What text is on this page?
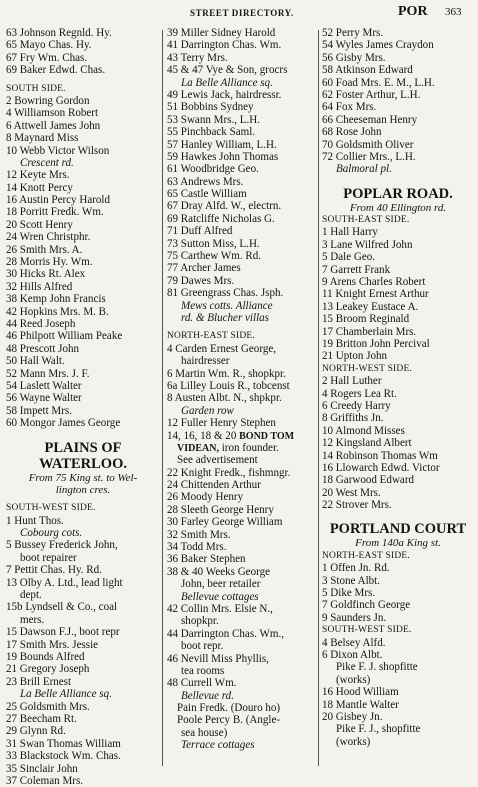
STREET DIRECTORY.	POR 363
63 Johnson Regnld. Hy.
65 Mayo Chas. Hy.
67 Fry Wm. Chas.
69 Baker Edwd. Chas.
SOUTH SIDE.
2 Bowring Gordon
4 Williamson Robert
6 Attwell James John
8 Maynard Miss
10 Webb Victor Wilson
Crescent rd.
12 Keyte Mrs.
14 Knott Percy
16 Austin Percy Harold
18 Porritt Fredk. Wm.
20 Scott Henry
24 Wren Christphr.
26 Smith Mrs. A.
28 Morris Hy. Wm.
30 Hicks Rt. Alex
32 Hills Alfred
38 Kemp John Francis
42 Hopkins Mrs. M. B.
44 Reed Joseph
46 Philpott William Peake
48 Prescott John
50 Hall Walt.
52 Mann Mrs. J. F.
54 Laslett Walter
56 Wayne Walter
58 Impett Mrs.
60 Mongor James George
PLAINS OF
WATERLOO.
From 75 King st. to Wel-
lington cres.
SOUTH-WEST SIDE.
1 Hunt Thos.
Cobourg cots.
5 Bussey Frederick John,
boot repairer
7 Pettit Chas. Hy. Rd.
13 Olby A. Ltd., lead light
dept.
15b Lyndsell & Co., coal
mers.
15 Dawson F.J., boot repr
17 Smith Mrs. Jessie
19 Bounds Alfred
21 Gregory Joseph
23 Brill Ernest
La Belle Alliance sq.
25 Goldsmith Mrs.
27 Beecham Rt.
29 Glynn Rd.
31 Swan Thomas William
33 Blackstock Wm. Chas.
35 Sinclair John
37 Coleman Mrs.
39 Miller Sidney Harold
41 Darrington Chas. Wm.
43 Terry Mrs.
45 & 47 Vye & Son, grocrs
La Belle Alliance sq.
49 Lewis Jack, hairdressr.
51 Bobbins Sydney
53 Swann Mrs., L.H.
55 Pinchback Saml.
57 Hanley William, L.H.
59 Hawkes John Thomas
61 Woodbridge Geo.
63 Andrews Mrs.
65 Castle William
67 Dray Alfd. W., electrn.
69 Ratcliffe Nicholas G.
71 Duff Alfred
73 Sutton Miss, L.H.
75 Carthew Wm. Rd.
77 Archer James
79 Dawes Mrs.
81 Greengrass Chas. Jsph.
Mews cotts. Alliance
rd. & Blucher villas
NORTH-EAST SIDE.
4 Carden Ernest George,
hairdresser
6 Martin Wm. R., shopkpr.
6a Lilley Louis R., tobcenst
8 Austen Albt. N., shpkpr.
Garden row
12 Fuller Henry Stephen
14, 16, 18 & 20 BOND TOM
VIDEAN, iron founder.
See advertisement
22 Knight Fredk., fishmngr.
24 Chittenden Arthur
26 Moody Henry
28 Sleeth George Henry
30 Farley George William
32 Smith Mrs.
34 Todd Mrs.
36 Baker Stephen
38 & 40 Weeks George
John, beer retailer
Bellevue cottages
42 Collin Mrs. Elsie N.,
shopkpr.
44 Darrington Chas. Wm.,
boot repr.
46 Nevill Miss Phyllis,
tea rooms
48 Currell Wm.
Bellevue rd.
Pain Fredk. (Douro ho)
Poole Percy B. (Angle-
sea house)
Terrace cottages
52 Perry Mrs.
54 Wyles James Craydon
56 Gisby Mrs.
58 Atkinson Edward
60 Foad Mrs. E. M., L.H.
62 Foster Arthur, L.H.
64 Fox Mrs.
66 Cheeseman Henry
68 Rose John
70 Goldsmith Oliver
72 Collier Mrs., L.H.
Balmoral pl.
POPLAR ROAD.
From 40 Ellington rd.
SOUTH-EAST SIDE.
1 Hall Harry
3 Lane Wilfred John
5 Dale Geo.
7 Garrett Frank
9 Arens Charles Robert
11 Knight Ernest Arthur
13 Leakey Eustace A.
15 Broom Reginald
17 Chamberlain Mrs.
19 Britton John Percival
21 Upton John
NORTH-WEST SIDE.
2 Hall Luther
4 Rogers Lea Rt.
6 Creedy Harry
8 Griffiths Jn.
10 Almond Misses
12 Kingsland Albert
14 Robinson Thomas Wm
16 Llowarch Edwd. Victor
18 Garwood Edward
20 West Mrs.
22 Strover Mrs.
PORTLAND COURT
From 140a King st.
NORTH-EAST SIDE.
1 Offen Jn. Rd.
3 Stone Albt.
5 Dike Mrs.
7 Goldfinch George
9 Saunders Jn.
SOUTH-WEST SIDE.
4 Belsey Alfd.
6 Dixon Albt.
Pike F. J. shopfitte
(works)
16 Hood William
18 Mantle Walter
20 Gisbey Jn.
Pike F. J., shopfitte
(works)
